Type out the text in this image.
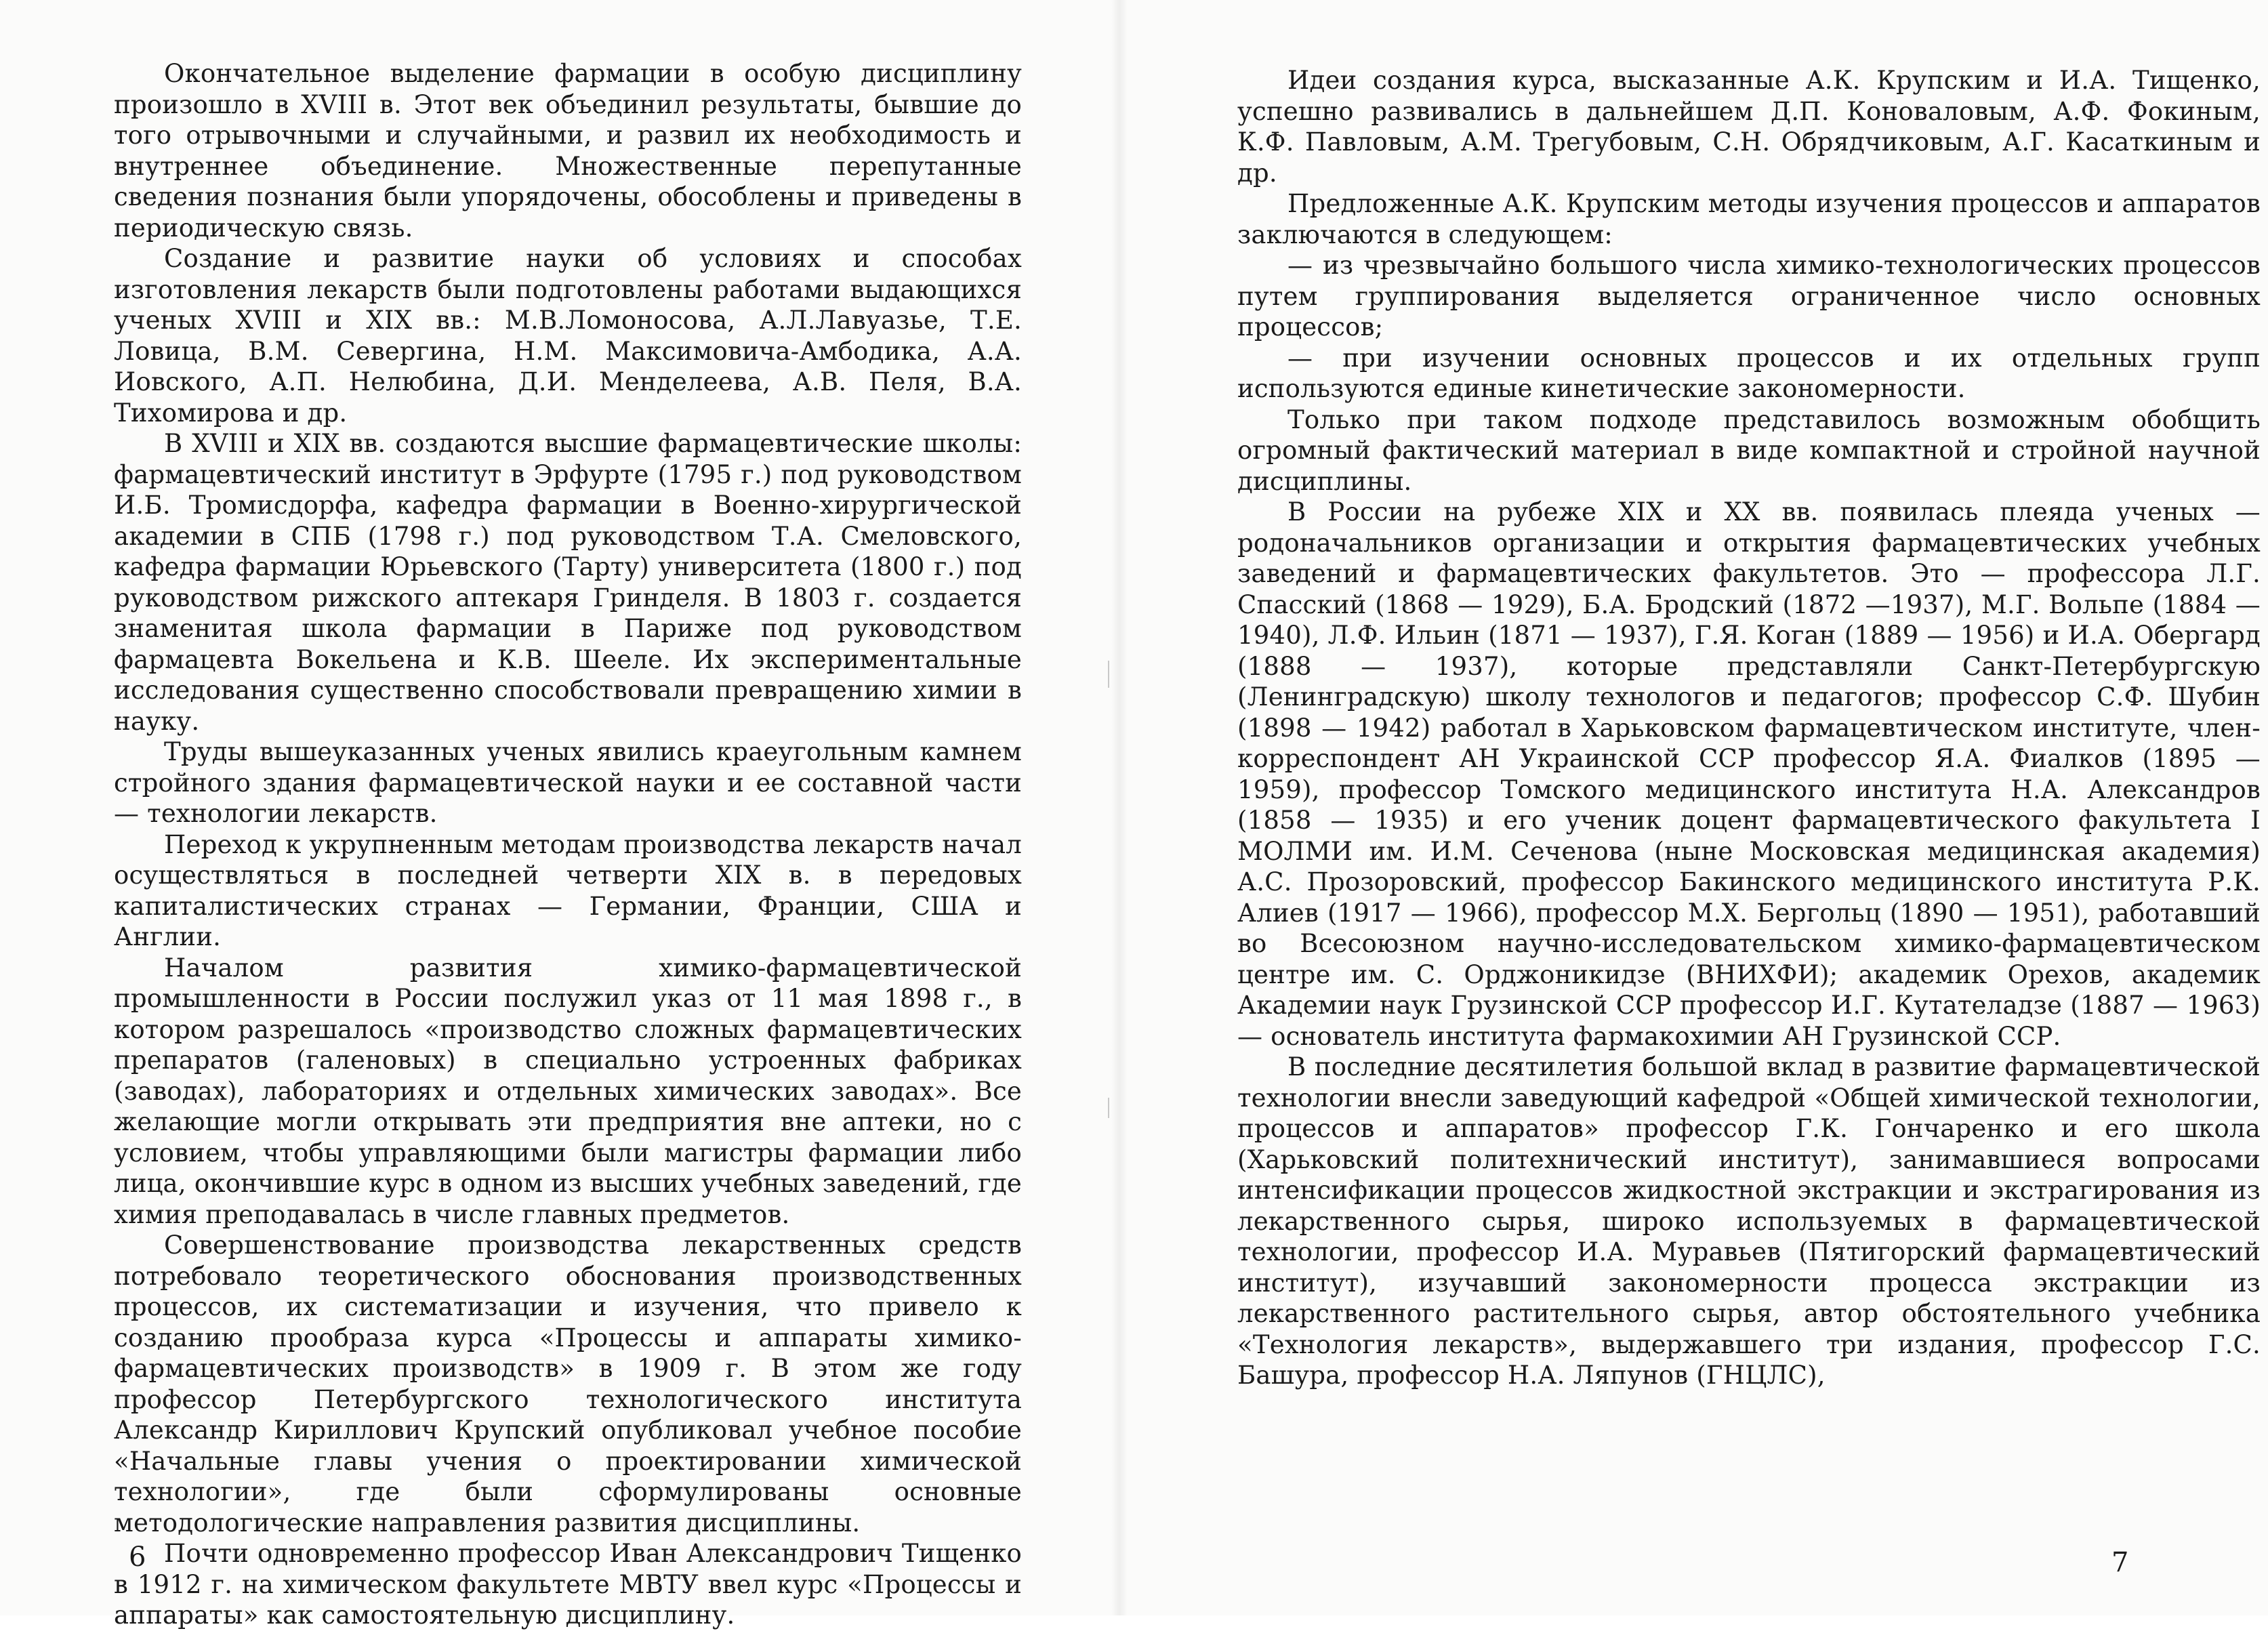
Окончательное выделение фармации в особую дисциплину произошло в XVIII в. Этот век объединил результаты, бывшие до того отрывочными и случайными, и развил их необходимость и внутреннее объединение. Множественные перепутанные сведения познания были упорядочены, обособлены и приведены в периодическую связь.

Создание и развитие науки об условиях и способах изготовления лекарств были подготовлены работами выдающихся ученых XVIII и XIX вв.: М.В.Ломоносова, А.Л.Лавуазье, Т.Е. Ловица, В.М. Севергина, Н.М. Максимовича-Амбодика, А.А. Иовского, А.П. Нелюбина, Д.И. Менделеева, А.В. Пеля, В.А. Тихомирова и др.

В XVIII и XIX вв. создаются высшие фармацевтические школы: фармацевтический институт в Эрфурте (1795 г.) под руководством И.Б. Тромисдорфа, кафедра фармации в Военно-хирургической академии в СПБ (1798 г.) под руководством Т.А. Смеловского, кафедра фармации Юрьевского (Тарту) университета (1800 г.) под руководством рижского аптекаря Гринделя. В 1803 г. создается знаменитая школа фармации в Париже под руководством фармацевта Вокельена и К.В. Шееле. Их экспериментальные исследования существенно способствовали превращению химии в науку.

Труды вышеуказанных ученых явились краеугольным камнем стройного здания фармацевтической науки и ее составной части — технологии лекарств.

Переход к укрупненным методам производства лекарств начал осуществляться в последней четверти XIX в. в передовых капиталистических странах — Германии, Франции, США и Англии.

Началом развития химико-фармацевтической промышленности в России послужил указ от 11 мая 1898 г., в котором разрешалось «производство сложных фармацевтических препаратов (галеновых) в специально устроенных фабриках (заводах), лабораториях и отдельных химических заводах». Все желающие могли открывать эти предприятия вне аптеки, но с условием, чтобы управляющими были магистры фармации либо лица, окончившие курс в одном из высших учебных заведений, где химия преподавалась в числе главных предметов.

Совершенствование производства лекарственных средств потребовало теоретического обоснования производственных процессов, их систематизации и изучения, что привело к созданию прообраза курса «Процессы и аппараты химико-фармацевтических производств» в 1909 г. В этом же году профессор Петербургского технологического института Александр Кириллович Крупский опубликовал учебное пособие «Начальные главы учения о проектировании химической технологии», где были сформулированы основные методологические направления развития дисциплины.

Почти одновременно профессор Иван Александрович Тищенко в 1912 г. на химическом факультете МВТУ ввел курс «Процессы и аппараты» как самостоятельную дисциплину.

6

Идеи создания курса, высказанные А.К. Крупским и И.А. Тищенко, успешно развивались в дальнейшем Д.П. Коноваловым, А.Ф. Фокиным, К.Ф. Павловым, А.М. Трегубовым, С.Н. Обрядчиковым, А.Г. Касаткиным и др.

Предложенные А.К. Крупским методы изучения процессов и аппаратов заключаются в следующем:

— из чрезвычайно большого числа химико-технологических процессов путем группирования выделяется ограниченное число основных процессов;

— при изучении основных процессов и их отдельных групп используются единые кинетические закономерности.

Только при таком подходе представилось возможным обобщить огромный фактический материал в виде компактной и стройной научной дисциплины.

В России на рубеже XIX и XX вв. появилась плеяда ученых — родоначальников организации и открытия фармацевтических учебных заведений и фармацевтических факультетов. Это — профессора Л.Г. Спасский (1868 — 1929), Б.А. Бродский (1872 —1937), М.Г. Вольпе (1884 — 1940), Л.Ф. Ильин (1871 — 1937), Г.Я. Коган (1889 — 1956) и И.А. Обергард (1888 — 1937), которые представляли Санкт-Петербургскую (Ленинградскую) школу технологов и педагогов; профессор С.Ф. Шубин (1898 — 1942) работал в Харьковском фармацевтическом институте, член-корреспондент АН Украинской ССР профессор Я.А. Фиалков (1895 — 1959), профессор Томского медицинского института Н.А. Александров (1858 — 1935) и его ученик доцент фармацевтического факультета I МОЛМИ им. И.М. Сеченова (ныне Московская медицинская академия) А.С. Прозоровский, профессор Бакинского медицинского института Р.К. Алиев (1917 — 1966), профессор М.Х. Бергольц (1890 — 1951), работавший во Всесоюзном научно-исследовательском химико-фармацевтическом центре им. С. Орджоникидзе (ВНИХФИ); академик Орехов, академик Академии наук Грузинской ССР профессор И.Г. Кутателадзе (1887 — 1963) — основатель института фармакохимии АН Грузинской ССР.

В последние десятилетия большой вклад в развитие фармацевтической технологии внесли заведующий кафедрой «Общей химической технологии, процессов и аппаратов» профессор Г.К. Гончаренко и его школа (Харьковский политехнический институт), занимавшиеся вопросами интенсификации процессов жидкостной экстракции и экстрагирования из лекарственного сырья, широко используемых в фармацевтической технологии, профессор И.А. Муравьев (Пятигорский фармацевтический институт), изучавший закономерности процесса экстракции из лекарственного растительного сырья, автор обстоятельного учебника «Технология лекарств», выдержавшего три издания, профессор Г.С. Башура, профессор Н.А. Ляпунов (ГНЦЛС),

7
